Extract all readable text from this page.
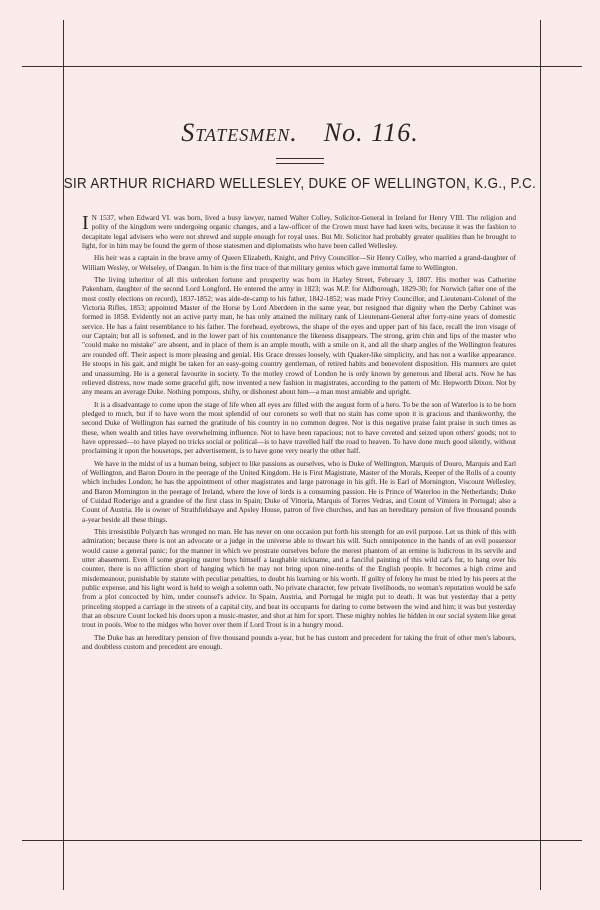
Statesmen. No. 116.
SIR ARTHUR RICHARD WELLESLEY, DUKE OF WELLINGTON, K.G., P.C.

I N 1537, when Edward VI. was born, lived a busy lawyer, named Walter Colley, Solicitor-General in Ireland for Henry VIII. The religion and polity of the kingdom were undergoing organic changes, and a law-officer of the Crown must have had keen wits, because it was the fashion to decapitate legal advisers who were not shrewd and supple enough for royal uses. But Mr. Solicitor had probably greater qualities than he brought to light, for in him may be found the germ of those statesmen and diplomatists who have been called Wellesley.

His heir was a captain in the brave army of Queen Elizabeth, Knight, and Privy Councillor—Sir Henry Colley, who married a grand-daughter of William Wesley, or Welseley, of Dangan. In him is the first trace of that military genius which gave immortal fame to Wellington.

The living inheritor of all this unbroken fortune and prosperity was born in Harley Street, February 3, 1807. His mother was Catherine Pakenham, daughter of the second Lord Longford. He entered the army in 1823; was M.P. for Aldborough, 1829-30; for Norwich (after one of the most costly elections on record), 1837-1852; was aide-de-camp to his father, 1842-1852; was made Privy Councillor, and Lieutenant-Colonel of the Victoria Rifles, 1853; appointed Master of the Horse by Lord Aberdeen in the same year, but resigned that dignity when the Derby Cabinet was formed in 1858. Evidently not an active party man, he has only attained the military rank of Lieutenant-General after forty-nine years of domestic service. He has a faint resemblance to his father. The forehead, eyebrows, the shape of the eyes and upper part of his face, recall the iron visage of our Captain; but all is softened, and in the lower part of his countenance the likeness disappears. The strong, grim chin and lips of the master who "could make no mistake" are absent, and in place of them is an ample mouth, with a smile on it, and all the sharp angles of the Wellington features are rounded off. Their aspect is more pleasing and genial. His Grace dresses loosely, with Quaker-like simplicity, and has not a warlike appearance. He stoops in his gait, and might be taken for an easy-going country gentleman, of retired habits and benevolent disposition. His manners are quiet and unassuming. He is a general favourite in society. To the motley crowd of London he is only known by generous and liberal acts. Now he has relieved distress, now made some graceful gift, now invented a new fashion in magistrates, according to the pattern of Mr. Hepworth Dixon. Not by any means an average Duke. Nothing pompous, shifty, or dishonest about him—a man most amiable and upright.

It is a disadvantage to come upon the stage of life when all eyes are filled with the august form of a hero. To be the son of Waterloo is to be born pledged to much, but if to have worn the most splendid of our coronets so well that no stain has come upon it is gracious and thankworthy, the second Duke of Wellington has earned the gratitude of his country in no common degree. Nor is this negative praise faint praise in such times as these, when wealth and titles have overwhelming influence. Not to have been rapacious; not to have coveted and seized upon others' goods; not to have oppressed—to have played no tricks social or political—is to have travelled half the road to heaven. To have done much good silently, without proclaiming it upon the housetops, per advertisement, is to have gone very nearly the other half.

We have in the midst of us a human being, subject to like passions as ourselves, who is Duke of Wellington, Marquis of Douro, Marquis and Earl of Wellington, and Baron Douro in the peerage of the United Kingdom. He is First Magistrate, Master of the Morals, Keeper of the Rolls of a county which includes London; he has the appointment of other magistrates and large patronage in his gift. He is Earl of Mornington, Viscount Wellesley, and Baron Mornington in the peerage of Ireland, where the love of lords is a consuming passion. He is Prince of Waterloo in the Netherlands; Duke of Cuidad Roderigo and a grandee of the first class in Spain; Duke of Vittoria, Marquis of Torres Vedras, and Count of Vimiera in Portugal; also a Count of Austria. He is owner of Strathfieldsaye and Apsley House, patron of five churches, and has an hereditary pension of five thousand pounds a-year beside all these things.

This irresistible Polyarch has wronged no man. He has never on one occasion put forth his strength for an evil purpose. Let us think of this with admiration; because there is not an advocate or a judge in the universe able to thwart his will. Such omnipotence in the hands of an evil possessor would cause a general panic; for the manner in which we prostrate ourselves before the merest phantom of an ermine is ludicrous in its servile and utter abasement. Even if some grasping usurer buys himself a laughable nickname, and a fanciful painting of this wild cat's fur, to hang over his counter, there is no affliction short of hanging which he may not bring upon nine-tenths of the English people. It becomes a high crime and misdemeanour, punishable by statute with peculiar penalties, to doubt his learning or his worth. If guilty of felony he must be tried by his peers at the public expense, and his light word is held to weigh a solemn oath. No private character, few private livelihoods, no woman's reputation would be safe from a plot concocted by him, under counsel's advice. In Spain, Austria, and Portugal he might put to death. It was but yesterday that a petty princeling stopped a carriage in the streets of a capital city, and beat its occupants for daring to come between the wind and him; it was but yesterday that an obscure Count locked his doors upon a music-master, and shot at him for sport. These mighty nobles lie hidden in our social system like great trout in pools. Woe to the midges who hover over them if Lord Trout is in a hungry mood.

The Duke has an hereditary pension of five thousand pounds a-year, but he has custom and precedent for taking the fruit of other men's labours, and doubtless custom and precedent are enough.
